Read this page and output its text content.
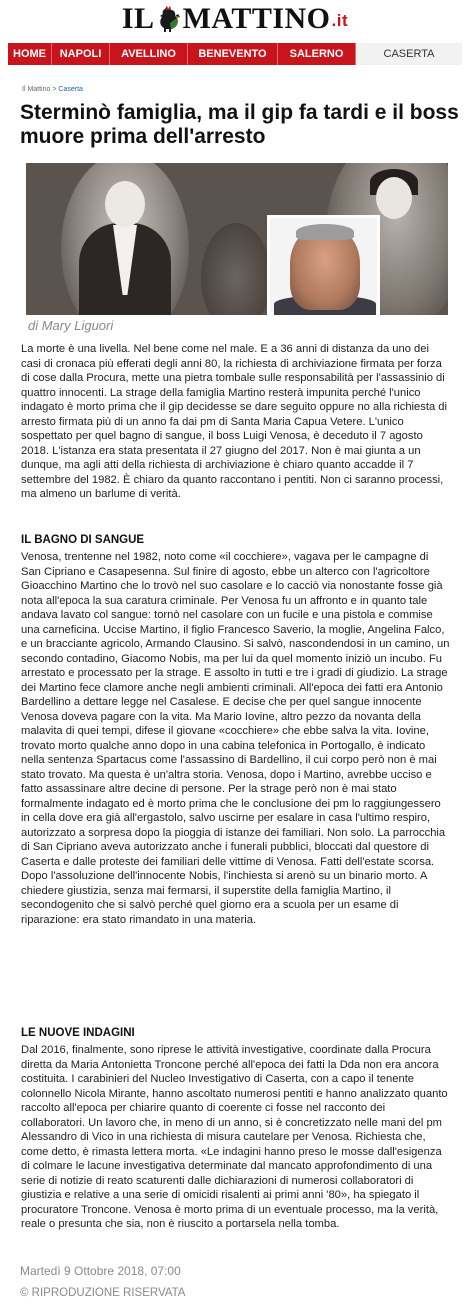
IL MATTINO .it
HOME	NAPOLI	AVELLINO	BENEVENTO	SALERNO	CASERTA
Il Mattino > Caserta
Sterminò famiglia, ma il gip fa tardi e il boss muore prima dell'arresto
di Mary Liguori

La morte è una livella. Nel bene come nel male. E a 36 anni di distanza da uno dei casi di cronaca più efferati degli anni 80, la richiesta di archiviazione firmata per forza di cose dalla Procura, mette una pietra tombale sulle responsabilità per l'assassinio di quattro innocenti. La strage della famiglia Martino resterà impunita perché l'unico indagato è morto prima che il gip decidesse se dare seguito oppure no alla richiesta di arresto firmata più di un anno fa dai pm di Santa Maria Capua Vetere. L'unico sospettato per quel bagno di sangue, il boss Luigi Venosa, è deceduto il 7 agosto 2018. L'istanza era stata presentata il 27 giugno del 2017. Non è mai giunta a un dunque, ma agli atti della richiesta di archiviazione è chiaro quanto accadde il 7 settembre del 1982. È chiaro da quanto raccontano i pentiti. Non ci saranno processi, ma almeno un barlume di verità.

IL BAGNO DI SANGUE

Venosa, trentenne nel 1982, noto come «il cocchiere», vagava per le campagne di San Cipriano e Casapesenna. Sul finire di agosto, ebbe un alterco con l'agricoltore Gioacchino Martino che lo trovò nel suo casolare e lo cacciò via nonostante fosse già nota all'epoca la sua caratura criminale. Per Venosa fu un affronto e in quanto tale andava lavato col sangue: tornò nel casolare con un fucile e una pistola e commise una carneficina. Uccise Martino, il figlio Francesco Saverio, la moglie, Angelina Falco, e un bracciante agricolo, Armando Clausino. Si salvò, nascondendosi in un camino, un secondo contadino, Giacomo Nobis, ma per lui da quel momento iniziò un incubo. Fu arrestato e processato per la strage. E assolto in tutti e tre i gradi di giudizio. La strage dei Martino fece clamore anche negli ambienti criminali. All'epoca dei fatti era Antonio Bardellino a dettare legge nel Casalese. E decise che per quel sangue innocente Venosa doveva pagare con la vita. Ma Mario Iovine, altro pezzo da novanta della malavita di quei tempi, difese il giovane «cocchiere» che ebbe salva la vita. Iovine, trovato morto qualche anno dopo in una cabina telefonica in Portogallo, è indicato nella sentenza Spartacus come l'assassino di Bardellino, il cui corpo però non è mai stato trovato. Ma questa è un'altra storia. Venosa, dopo i Martino, avrebbe ucciso e fatto assassinare altre decine di persone. Per la strage però non è mai stato formalmente indagato ed è morto prima che le conclusione dei pm lo raggiungessero in cella dove era già all'ergastolo, salvo uscirne per esalare in casa l'ultimo respiro, autorizzato a sorpresa dopo la pioggia di istanze dei familiari. Non solo. La parrocchia di San Cipriano aveva autorizzato anche i funerali pubblici, bloccati dal questore di Caserta e dalle proteste dei familiari delle vittime di Venosa. Fatti dell'estate scorsa. Dopo l'assoluzione dell'innocente Nobis, l'inchiesta si arenò su un binario morto. A chiedere giustizia, senza mai fermarsi, il superstite della famiglia Martino, il secondogenito che si salvò perché quel giorno era a scuola per un esame di riparazione: era stato rimandato in una materia.

LE NUOVE INDAGINI

Dal 2016, finalmente, sono riprese le attività investigative, coordinate dalla Procura diretta da Maria Antonietta Troncone perché all'epoca dei fatti la Dda non era ancora costituita. I carabinieri del Nucleo Investigativo di Caserta, con a capo il tenente colonnello Nicola Mirante, hanno ascoltato numerosi pentiti e hanno analizzato quanto raccolto all'epoca per chiarire quanto di coerente ci fosse nel racconto dei collaboratori. Un lavoro che, in meno di un anno, si è concretizzato nelle mani del pm Alessandro di Vico in una richiesta di misura cautelare per Venosa. Richiesta che, come detto, è rimasta lettera morta. «Le indagini hanno preso le mosse dall'esigenza di colmare le lacune investigativa determinate dal mancato approfondimento di una serie di notizie di reato scaturenti dalle dichiarazioni di numerosi collaboratori di giustizia e relative a una serie di omicidi risalenti ai primi anni '80», ha spiegato il procuratore Troncone. Venosa è morto prima di un eventuale processo, ma la verità, reale o presunta che sia, non è riuscito a portarsela nella tomba.

Martedì 9 Ottobre 2018, 07:00
© RIPRODUZIONE RISERVATA
